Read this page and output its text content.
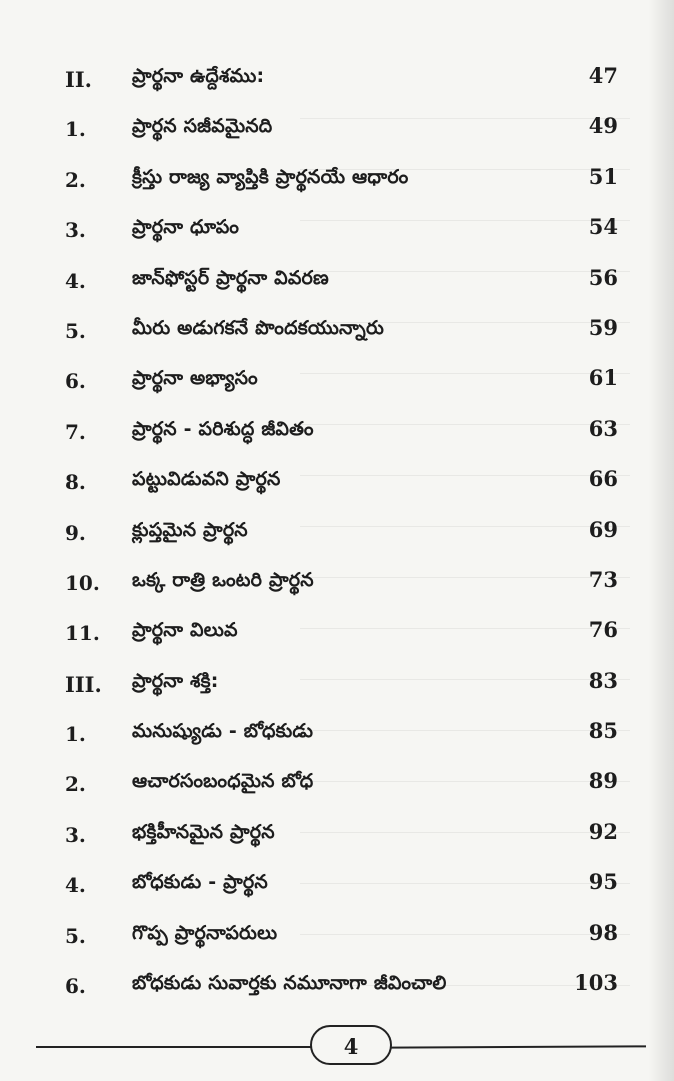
II. ప్రార్థనా ఉద్దేశము:	47
1. ప్రార్థన సజీవమైనది	49
2. క్రీస్తు రాజ్య వ్యాప్తికి ప్రార్థనయే ఆధారం	51
3. ప్రార్థనా ధూపం	54
4. జాన్‌ఫోస్టర్ ప్రార్థనా వివరణ	56
5. మీరు అడుగకనే పొందకయున్నారు	59
6. ప్రార్థనా అభ్యాసం	61
7. ప్రార్థన - పరిశుద్ధ జీవితం	63
8. పట్టువిడువని ప్రార్థన	66
9. క్లుప్తమైన ప్రార్థన	69
10. ఒక్క రాత్రి ఒంటరి ప్రార్థన	73
11. ప్రార్థనా విలువ	76
III. ప్రార్థనా శక్తి:	83
1. మనుష్యుడు - బోధకుడు	85
2. ఆచారసంబంధమైన బోధ	89
3. భక్తిహీనమైన ప్రార్థన	92
4. బోధకుడు - ప్రార్థన	95
5. గొప్ప ప్రార్థనాపరులు	98
6. బోధకుడు సువార్తకు నమూనాగా జీవించాలి	103
4
